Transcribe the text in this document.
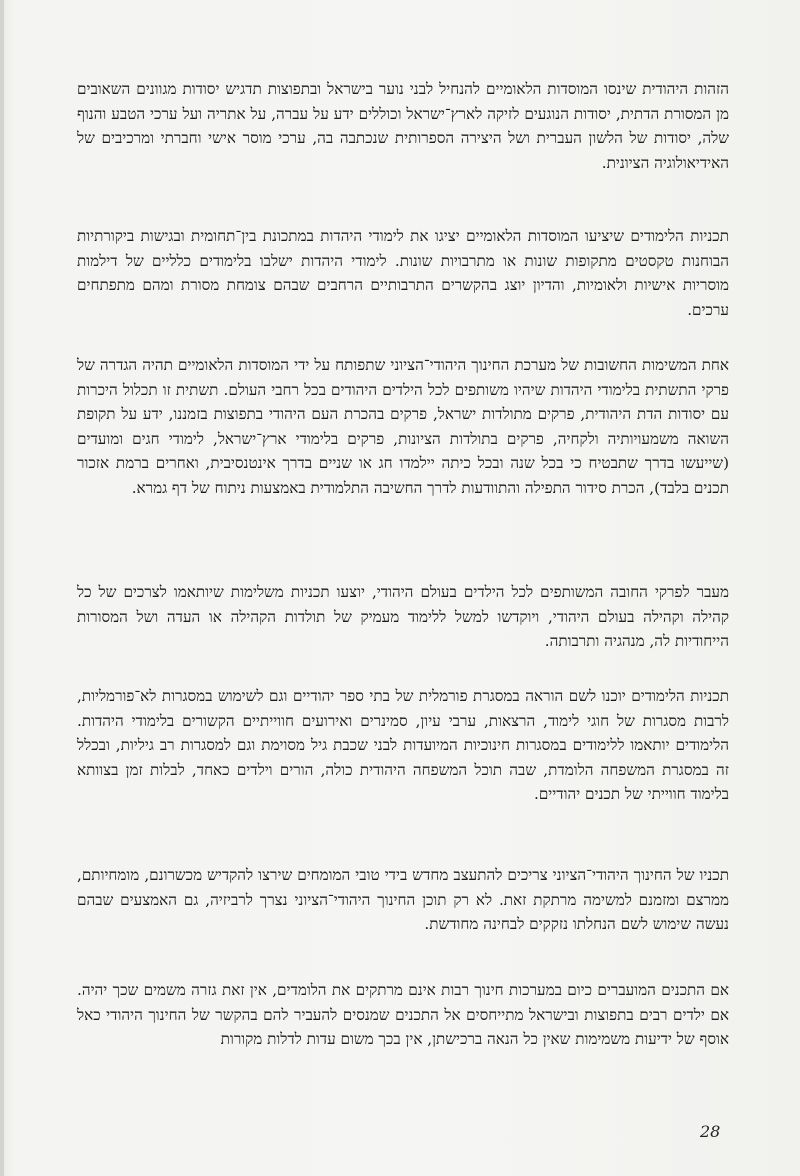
הזהות היהודית שינסו המוסדות הלאומיים להנחיל לבני נוער בישראל ובתפוצות תדגיש יסודות מגוונים השאובים מן המסורת הדתית, יסודות הנוגעים לזיקה לארץ־ישראל וכוללים ידע על עברה, על אתריה ועל ערכי הטבע והנוף שלה, יסודות של הלשון העברית ושל היצירה הספרותית שנכתבה בה, ערכי מוסר אישי וחברתי ומרכיבים של האידיאולוגיה הציונית.

תכניות הלימודים שיציעו המוסדות הלאומיים יציגו את לימודי היהדות במתכונת בין־תחומית ובגישות ביקורתיות הבוחנות טקסטים מתקופות שונות או מתרבויות שונות. לימודי היהדות ישלבו בלימודים כלליים של דילמות מוסריות אישיות ולאומיות, והדיון יוצג בהקשרים התרבותיים הרחבים שבהם צומחת מסורת ומהם מתפתחים ערכים.

אחת המשימות החשובות של מערכת החינוך היהודי־הציוני שתפותח על ידי המוסדות הלאומיים תהיה הגדרה של פרקי התשתית בלימודי היהדות שיהיו משותפים לכל הילדים היהודים בכל רחבי העולם. תשתית זו תכלול היכרות עם יסודות הדת היהודית, פרקים מתולדות ישראל, פרקים בהכרת העם היהודי בתפוצות בזמננו, ידע על תקופת השואה משמעויותיה ולקחיה, פרקים בתולדות הציונות, פרקים בלימודי ארץ־ישראל, לימודי חגים ומועדים (שייעשו בדרך שתבטיח כי בכל שנה ובכל כיתה יילמדו חג או שניים בדרך אינטנסיבית, ואחרים ברמת אזכור תכנים בלבד), הכרת סידור התפילה והתוודעות לדרך החשיבה התלמודית באמצעות ניתוח של דף גמרא.

מעבר לפרקי החובה המשותפים לכל הילדים בעולם היהודי, יוצעו תכניות משלימות שיותאמו לצרכים של כל קהילה וקהילה בעולם היהודי, ויוקדשו למשל ללימוד מעמיק של תולדות הקהילה או העדה ושל המסורות הייחודיות לה, מנהגיה ותרבותה.

תכניות הלימודים יוכנו לשם הוראה במסגרת פורמלית של בתי ספר יהודיים וגם לשימוש במסגרות לא־פורמליות, לרבות מסגרות של חוגי לימוד, הרצאות, ערבי עיון, סמינרים ואירועים חווייתיים הקשורים בלימודי היהדות. הלימודים יותאמו ללימודים במסגרות חינוכיות המיועדות לבני שכבת גיל מסוימת וגם למסגרות רב גיליות, ובכלל זה במסגרת המשפחה הלומדת, שבה תוכל המשפחה היהודית כולה, הורים וילדים כאחד, לבלות זמן בצוותא בלימוד חווייתי של תכנים יהודיים.

תכניו של החינוך היהודי־הציוני צריכים להתעצב מחדש בידי טובי המומחים שירצו להקדיש מכשרונם, מומחיותם, ממרצם ומזמנם למשימה מרתקת זאת. לא רק תוכן החינוך היהודי־הציוני נצרך לרביזיה, גם האמצעים שבהם נעשה שימוש לשם הנחלתו נזקקים לבחינה מחודשת.

אם התכנים המועברים כיום במערכות חינוך רבות אינם מרתקים את הלומדים, אין זאת גזרה משמים שכך יהיה. אם ילדים רבים בתפוצות ובישראל מתייחסים אל התכנים שמנסים להעביר להם בהקשר של החינוך היהודי כאל אוסף של ידיעות משמימות שאין כל הנאה ברכישתן, אין בכך משום עדות לדלות מקורות

28
